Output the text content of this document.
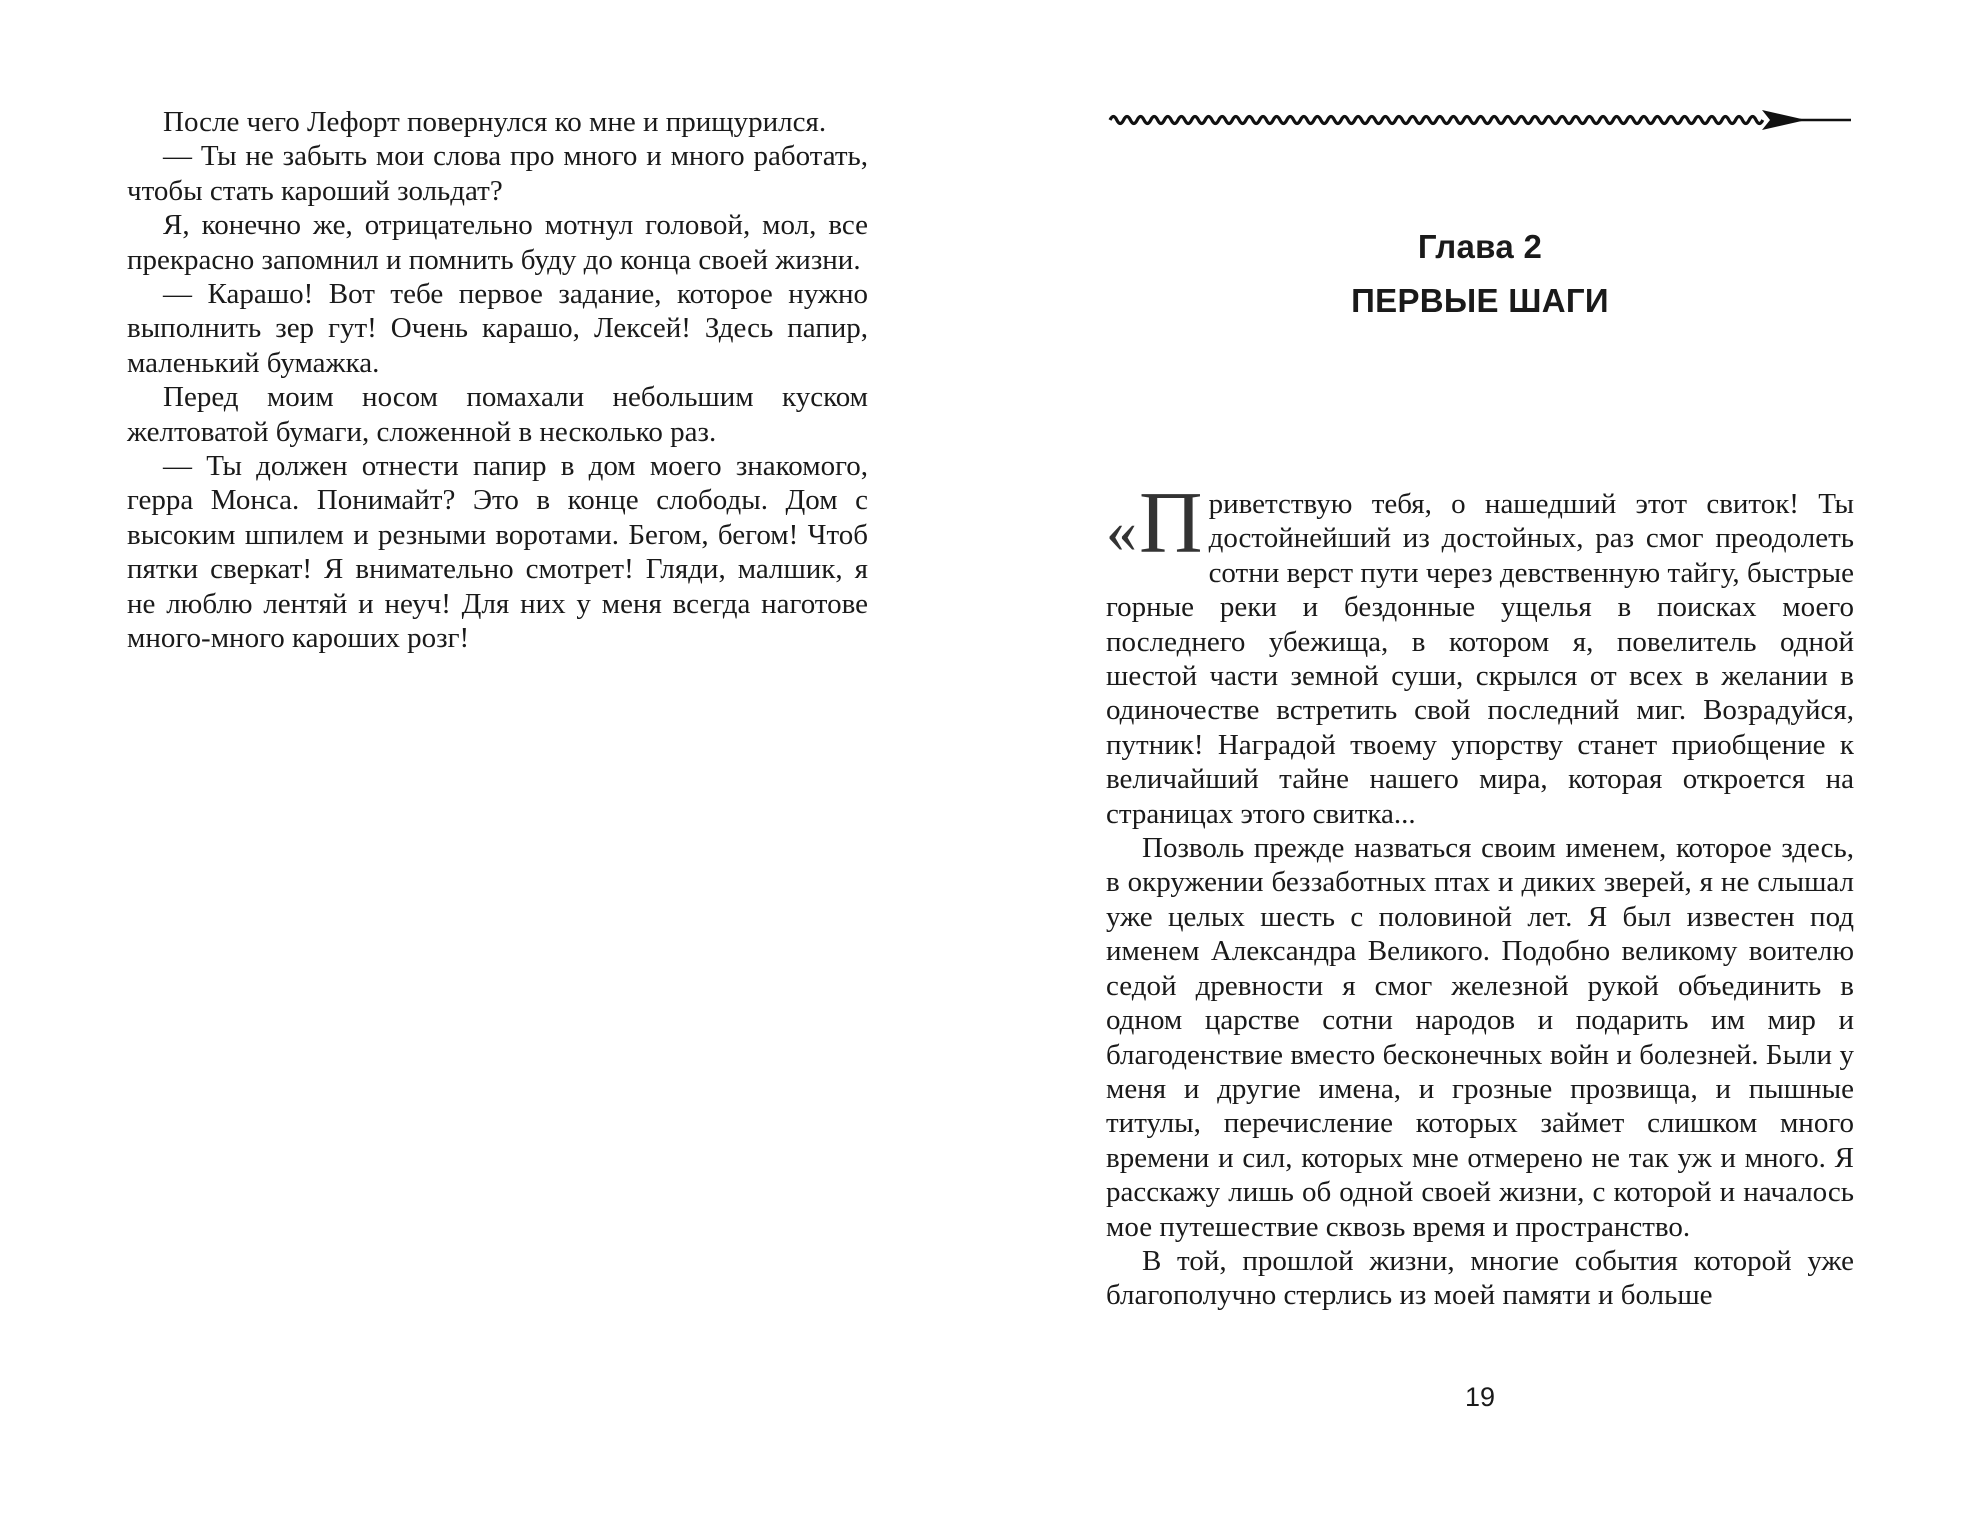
После чего Лефорт повернулся ко мне и прищурился.

— Ты не забыть мои слова про много и много работать, чтобы стать кароший зольдат?

Я, конечно же, отрицательно мотнул головой, мол, все прекрасно запомнил и помнить буду до конца своей жизни.

— Карашо! Вот тебе первое задание, которое нужно выполнить зер гут! Очень карашо, Лексей! Здесь папир, маленький бумажка.

Перед моим носом помахали небольшим куском желтоватой бумаги, сложенной в несколько раз.

— Ты должен отнести папир в дом моего знакомого, герра Монса. Понимайт? Это в конце слободы. Дом с высоким шпилем и резными воротами. Бегом, бегом! Чтоб пятки сверкат! Я внимательно смотрет! Гляди, малшик, я не люблю лентяй и неуч! Для них у меня всегда наготове много-много кароших розг!

Глава 2
ПЕРВЫЕ ШАГИ

« П риветствую тебя, о нашедший этот свиток! Ты достойнейший из достойных, раз смог преодолеть сотни верст пути через девственную тайгу, быстрые горные реки и бездонные ущелья в поисках моего последнего убежища, в котором я, повелитель одной шестой части земной суши, скрылся от всех в желании в одиночестве встретить свой последний миг. Возрадуйся, путник! Наградой твоему упорству станет приобщение к величайший тайне нашего мира, которая откроется на страницах этого свитка...

Позволь прежде назваться своим именем, которое здесь, в окружении беззаботных птах и диких зверей, я не слышал уже целых шесть с половиной лет. Я был известен под именем Александра Великого. Подобно великому воителю седой древности я смог железной рукой объединить в одном царстве сотни народов и подарить им мир и благоденствие вместо бесконечных войн и болезней. Были у меня и другие имена, и грозные прозвища, и пышные титулы, перечисление которых займет слишком много времени и сил, которых мне отмерено не так уж и много. Я расскажу лишь об одной своей жизни, с которой и началось мое путешествие сквозь время и пространство.

В той, прошлой жизни, многие события которой уже благополучно стерлись из моей памяти и больше

19
